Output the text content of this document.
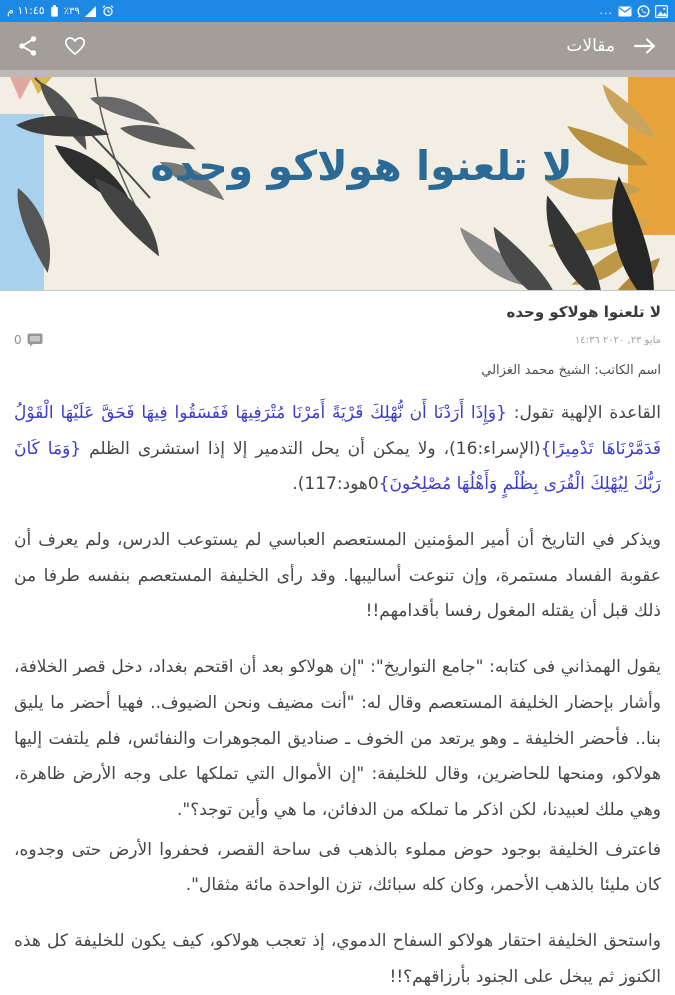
١١:٤٥ م ٣٩٪	...
مقالات
لا تلعنوا هولاكو وحده
لا تلعنوا هولاكو وحده
مايو ٢٣, ٢٠٢٠ ١٤:٣٦
0

اسم الكاتب: الشيخ محمد الغزالي

القاعدة الإلهية تقول: {وَإِذَا أَرَدْنَا أَن نُّهْلِكَ قَرْيَةً أَمَرْنَا مُتْرَفِيهَا فَفَسَقُوا فِيهَا فَحَقَّ عَلَيْهَا الْقَوْلُ فَدَمَّرْنَاهَا تَدْمِيرًا}(الإسراء:16)، ولا يمكن أن يحل التدمير إلا إذا استشرى الظلم {وَمَا كَانَ رَبُّكَ لِيُهْلِكَ الْقُرَى بِظُلْمٍ وَأَهْلُهَا مُصْلِحُونَ}0هود:117).

ويذكر في التاريخ أن أمير المؤمنين المستعصم العباسي لم يستوعب الدرس، ولم يعرف أن عقوبة الفساد مستمرة، وإن تنوعت أساليبها. وقد رأى الخليفة المستعصم بنفسه طرفا من ذلك قبل أن يقتله المغول رفسا بأقدامهم!!

يقول الهمذاني فى كتابه: "جامع التواريخ": "إن هولاكو بعد أن اقتحم بغداد، دخل قصر الخلافة، وأشار بإحضار الخليفة المستعصم وقال له: "أنت مضيف ونحن الضيوف.. فهيا أحضر ما يليق بنا.. فأحضر الخليفة ـ وهو يرتعد من الخوف ـ صناديق المجوهرات والنفائس، فلم يلتفت إليها هولاكو، ومنحها للحاضرين، وقال للخليفة: "إن الأموال التي تملكها على وجه الأرض ظاهرة، وهي ملك لعبيدنا، لكن اذكر ما تملكه من الدفائن، ما هي وأين توجد؟".

فاعترف الخليفة بوجود حوض مملوء بالذهب فى ساحة القصر، فحفروا الأرض حتى وجدوه، كان مليئا بالذهب الأحمر، وكان كله سبائك، تزن الواحدة مائة مثقال".

واستحق الخليفة احتقار هولاكو السفاح الدموي، إذ تعجب هولاكو، كيف يكون للخليفة كل هذه الكنوز ثم يبخل على الجنود بأرزاقهم؟!!
